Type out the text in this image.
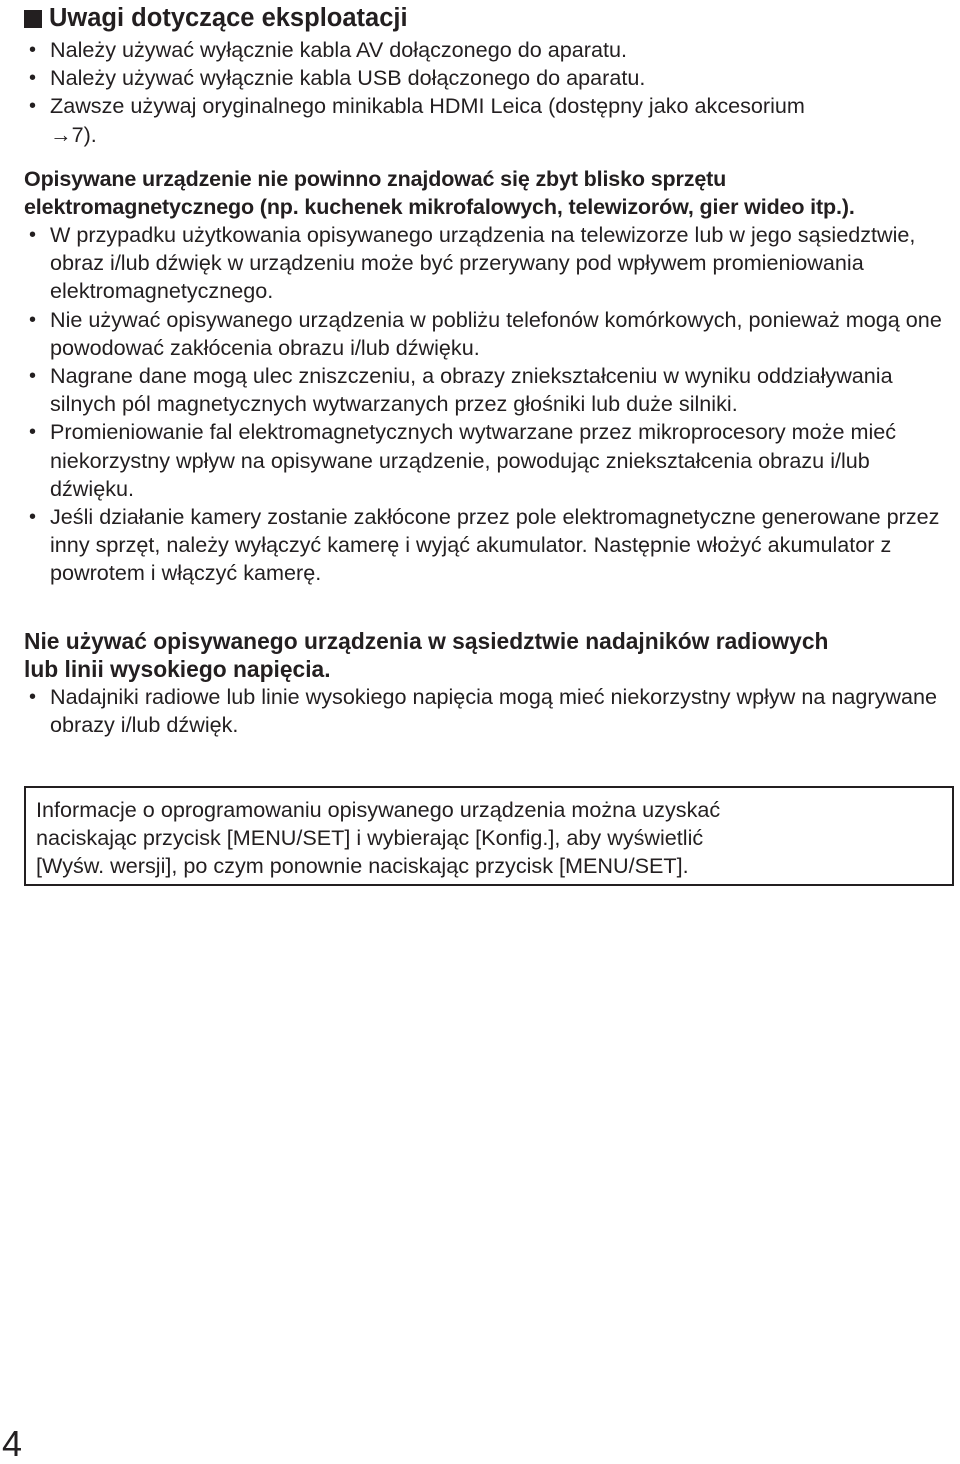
Uwagi dotyczące eksploatacji
• Należy używać wyłącznie kabla AV dołączonego do aparatu.
• Należy używać wyłącznie kabla USB dołączonego do aparatu.
• Zawsze używaj oryginalnego minikabla HDMI Leica (dostępny jako akcesorium →7).
Opisywane urządzenie nie powinno znajdować się zbyt blisko sprzętu
elektromagnetycznego (np. kuchenek mikrofalowych, telewizorów, gier wideo itp.).
• W przypadku użytkowania opisywanego urządzenia na telewizorze lub w jego sąsiedztwie, obraz i/lub dźwięk w urządzeniu może być przerywany pod wpływem promieniowania elektromagnetycznego.
• Nie używać opisywanego urządzenia w pobliżu telefonów komórkowych, ponieważ mogą one powodować zakłócenia obrazu i/lub dźwięku.
• Nagrane dane mogą ulec zniszczeniu, a obrazy zniekształceniu w wyniku oddziaływania silnych pól magnetycznych wytwarzanych przez głośniki lub duże silniki.
• Promieniowanie fal elektromagnetycznych wytwarzane przez mikroprocesory może mieć niekorzystny wpływ na opisywane urządzenie, powodując zniekształcenia obrazu i/lub dźwięku.
• Jeśli działanie kamery zostanie zakłócone przez pole elektromagnetyczne generowane przez inny sprzęt, należy wyłączyć kamerę i wyjąć akumulator. Następnie włożyć akumulator z powrotem i włączyć kamerę.
Nie używać opisywanego urządzenia w sąsiedztwie nadajników radiowych
lub linii wysokiego napięcia.
• Nadajniki radiowe lub linie wysokiego napięcia mogą mieć niekorzystny wpływ na nagrywane obrazy i/lub dźwięk.
Informacje o oprogramowaniu opisywanego urządzenia można uzyskać
naciskając przycisk [MENU/SET] i wybierając [Konfig.], aby wyświetlić
[Wyśw. wersji], po czym ponownie naciskając przycisk [MENU/SET].
4
